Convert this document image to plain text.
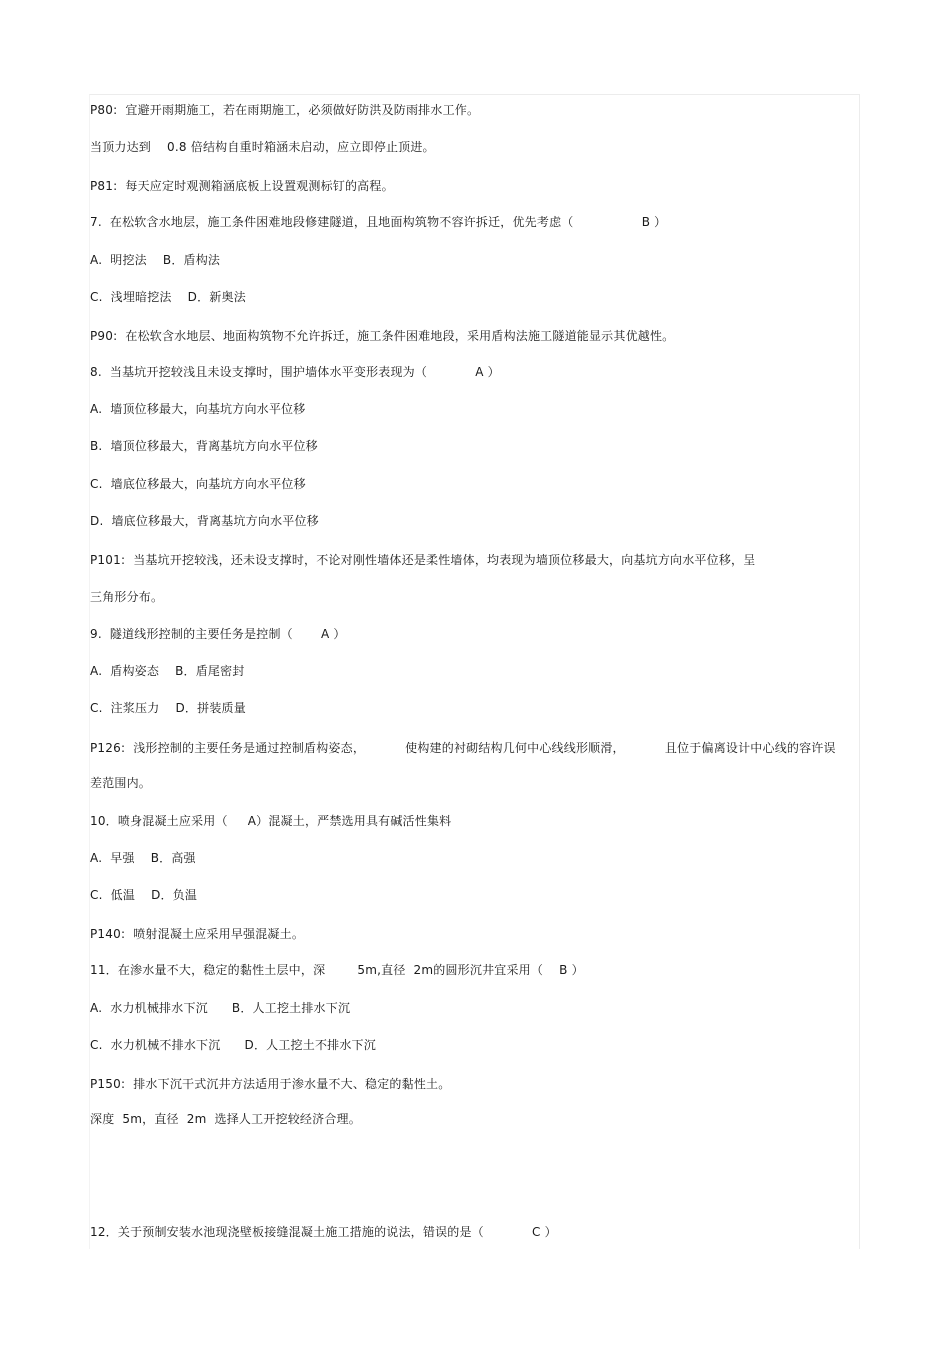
P80:  宜避开雨期施工，若在雨期施工，必须做好防洪及防雨排水工作。
当顶力达到    0.8 倍结构自重时箱涵未启动，应立即停止顶进。
P81:  每天应定时观测箱涵底板上设置观测标钉的高程。
7.  在松软含水地层，施工条件困难地段修建隧道，且地面构筑物不容许拆迁，优先考虑（                 B ）
A.  明挖法    B．盾构法
C.  浅埋暗挖法    D．新奥法
P90:  在松软含水地层、地面构筑物不允许拆迁，施工条件困难地段，采用盾构法施工隧道能显示其优越性。
8.  当基坑开挖较浅且未设支撑时，围护墙体水平变形表现为（            A ）
A.  墙顶位移最大，向基坑方向水平位移
B.  墙顶位移最大，背离基坑方向水平位移
C.  墙底位移最大，向基坑方向水平位移
D.  墙底位移最大，背离基坑方向水平位移
P101:  当基坑开挖较浅，还未设支撑时，不论对刚性墙体还是柔性墙体，均表现为墙顶位移最大，向基坑方向水平位移，呈
三角形分布。
9.  隧道线形控制的主要任务是控制（       A ）
A.  盾构姿态    B．盾尾密封
C.  注浆压力    D．拼装质量
P126:  浅形控制的主要任务是通过控制盾构姿态，          使构建的衬砌结构几何中心线线形顺滑，          且位于偏离设计中心线的容许误
差范围内。
10．喷身混凝土应采用（     A）混凝土，严禁选用具有碱活性集料
A.  早强    B．高强
C.  低温    D．负温
P140:  喷射混凝土应采用早强混凝土。
11．在渗水量不大，稳定的黏性土层中，深        5m,直径  2m的圆形沉井宜采用（    B ）
A.  水力机械排水下沉      B．人工挖土排水下沉
C.  水力机械不排水下沉      D．人工挖土不排水下沉
P150:  排水下沉干式沉井方法适用于渗水量不大、稳定的黏性土。
深度  5m，直径  2m  选择人工开挖较经济合理。
12．关于预制安装水池现浇壁板接缝混凝土施工措施的说法，错误的是（            C ）
